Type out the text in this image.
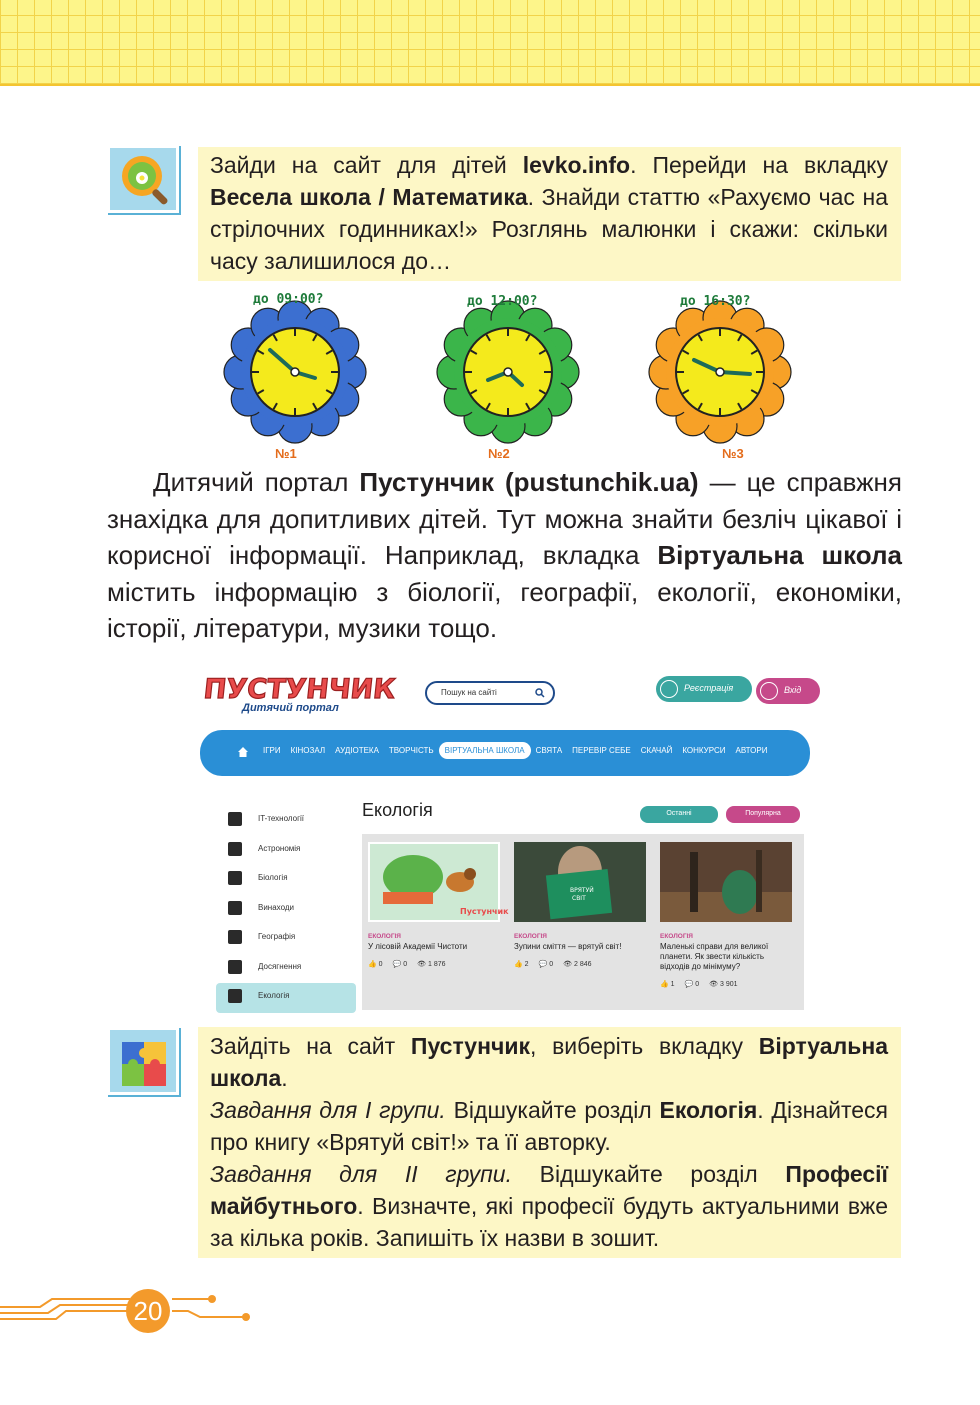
Зайди на сайт для дітей levko.info. Перейди на вкладку Весела школа / Математика. Знайди статтю «Рахуємо час на стрілочних годинниках!» Розглянь малюнки і скажи: скільки часу залишилося до…

до 09:00?	до 12:00?	до 16:30?
№1	№2	№3
Дитячий портал Пустунчик (pustunchik.ua) — це справжня знахідка для допитливих дітей. Тут можна знайти безліч цікавої і корисної інформації. Наприклад, вкладка Віртуальна школа містить інформацію з біології, географії, екології, економіки, історії, літератури, музики тощо.
ПУСТУНЧИК
Дитячий портал
Пошук на сайті	Реєстрація	Вхід
ІГРИ	КІНОЗАЛ	АУДІОТЕКА	ТВОРЧІСТЬ	ВІРТУАЛЬНА ШКОЛА	СВЯТА	ПЕРЕВІР СЕБЕ	СКАЧАЙ	КОНКУРСИ	АВТОРИ
IT-технології
Астрономія
Біологія
Винаходи
Географія
Досягнення
Екологія
Екологія	Останні	Популярна
Пустунчик
ЕКОЛОГІЯ
У лісовій Академії Чистоти
👍 0 💬 0 👁 1 876
ВРЯТУЙ
СВІТ
ЕКОЛОГІЯ
Зупини сміття — врятуй світ!
👍 2 💬 0 👁 2 846
ЕКОЛОГІЯ
Маленькі справи для великої планети. Як звести кількість відходів до мінімуму?
👍 1 💬 0 👁 3 901

Зайдіть на сайт Пустунчик, виберіть вкладку Віртуальна школа.

Завдання для І групи. Відшукайте розділ Екологія. Дізнайтеся про книгу «Врятуй світ!» та її авторку.

Завдання для ІІ групи. Відшукайте розділ Професії майбутнього. Визначте, які професії будуть актуальними вже за кілька років. Запишіть їх назви в зошит.

20
